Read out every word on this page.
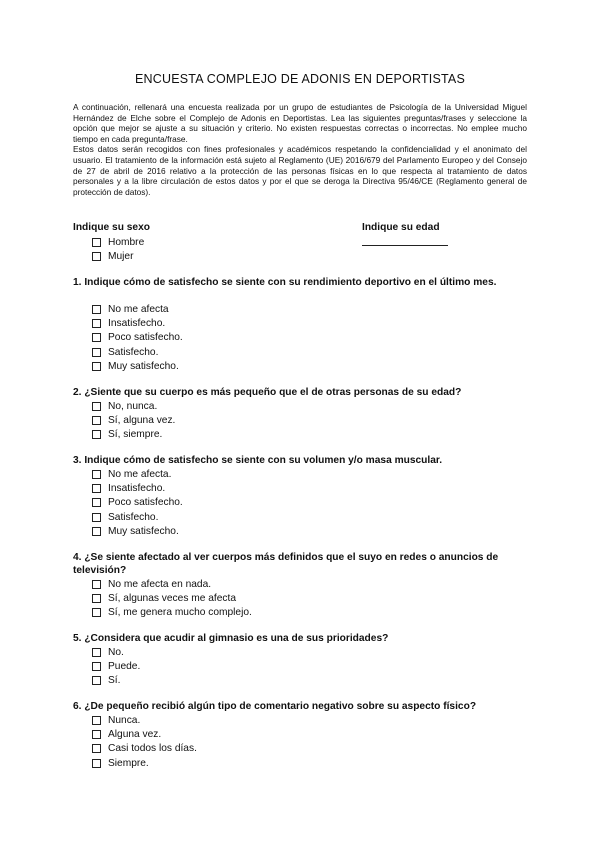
ENCUESTA COMPLEJO DE ADONIS EN DEPORTISTAS

A continuación, rellenará una encuesta realizada por un grupo de estudiantes de Psicología de la Universidad Miguel Hernández de Elche sobre el Complejo de Adonis en Deportistas. Lea las siguientes preguntas/frases y seleccione la opción que mejor se ajuste a su situación y criterio. No existen respuestas correctas o incorrectas. No emplee mucho tiempo en cada pregunta/frase.

Estos datos serán recogidos con fines profesionales y académicos respetando la confidencialidad y el anonimato del usuario. El tratamiento de la información está sujeto al Reglamento (UE) 2016/679 del Parlamento Europeo y del Consejo de 27 de abril de 2016 relativo a la protección de las personas físicas en lo que respecta al tratamiento de datos personales y a la libre circulación de estos datos y por el que se deroga la Directiva 95/46/CE (Reglamento general de protección de datos).

Indique su sexo
Hombre
Mujer
Indique su edad
1. Indique cómo de satisfecho se siente con su rendimiento deportivo en el último mes.
No me afecta
Insatisfecho.
Poco satisfecho.
Satisfecho.
Muy satisfecho.
2. ¿Siente que su cuerpo es más pequeño que el de otras personas de su edad?
No, nunca.
Sí, alguna vez.
Sí, siempre.
3. Indique cómo de satisfecho se siente con su volumen y/o masa muscular.
No me afecta.
Insatisfecho.
Poco satisfecho.
Satisfecho.
Muy satisfecho.
4. ¿Se siente afectado al ver cuerpos más definidos que el suyo en redes o anuncios de televisión?
No me afecta en nada.
Sí, algunas veces me afecta
Sí, me genera mucho complejo.
5. ¿Considera que acudir al gimnasio es una de sus prioridades?
No.
Puede.
Sí.
6. ¿De pequeño recibió algún tipo de comentario negativo sobre su aspecto físico?
Nunca.
Alguna vez.
Casi todos los días.
Siempre.
